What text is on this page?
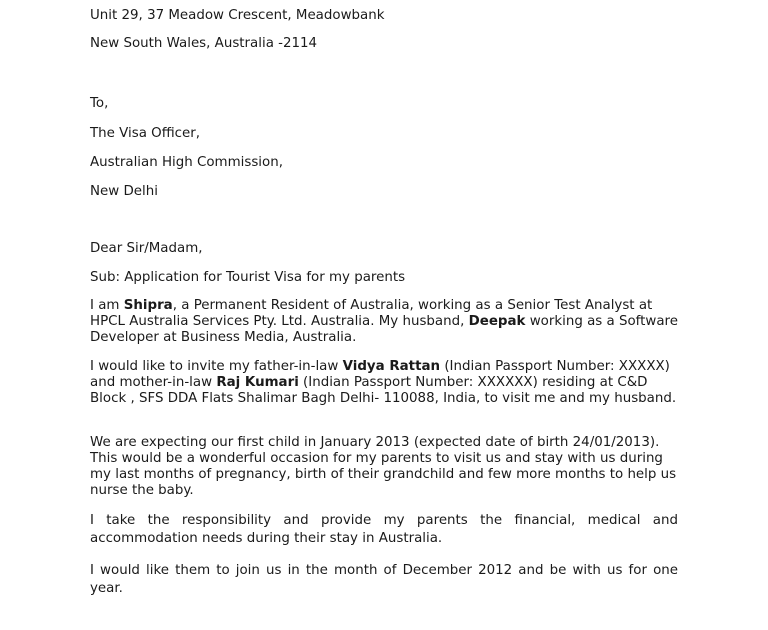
Unit 29, 37 Meadow Crescent, Meadowbank
New South Wales, Australia -2114
To,
The Visa Officer,
Australian High Commission,
New Delhi
Dear Sir/Madam,
Sub: Application for Tourist Visa for my parents
I am Shipra, a Permanent Resident of Australia, working as a Senior Test Analyst at HPCL Australia Services Pty. Ltd. Australia. My husband, Deepak working as a Software Developer at Business Media, Australia.
I would like to invite my father-in-law Vidya Rattan (Indian Passport Number: XXXXX) and mother-in-law Raj Kumari (Indian Passport Number: XXXXXX) residing at C&D Block , SFS DDA Flats Shalimar Bagh Delhi- 110088, India, to visit me and my husband.
We are expecting our first child in January 2013 (expected date of birth 24/01/2013). This would be a wonderful occasion for my parents to visit us and stay with us during my last months of pregnancy, birth of their grandchild and few more months to help us nurse the baby.
I take the responsibility and provide my parents the financial, medical and accommodation needs during their stay in Australia.
I would like them to join us in the month of December 2012 and be with us for one year.
